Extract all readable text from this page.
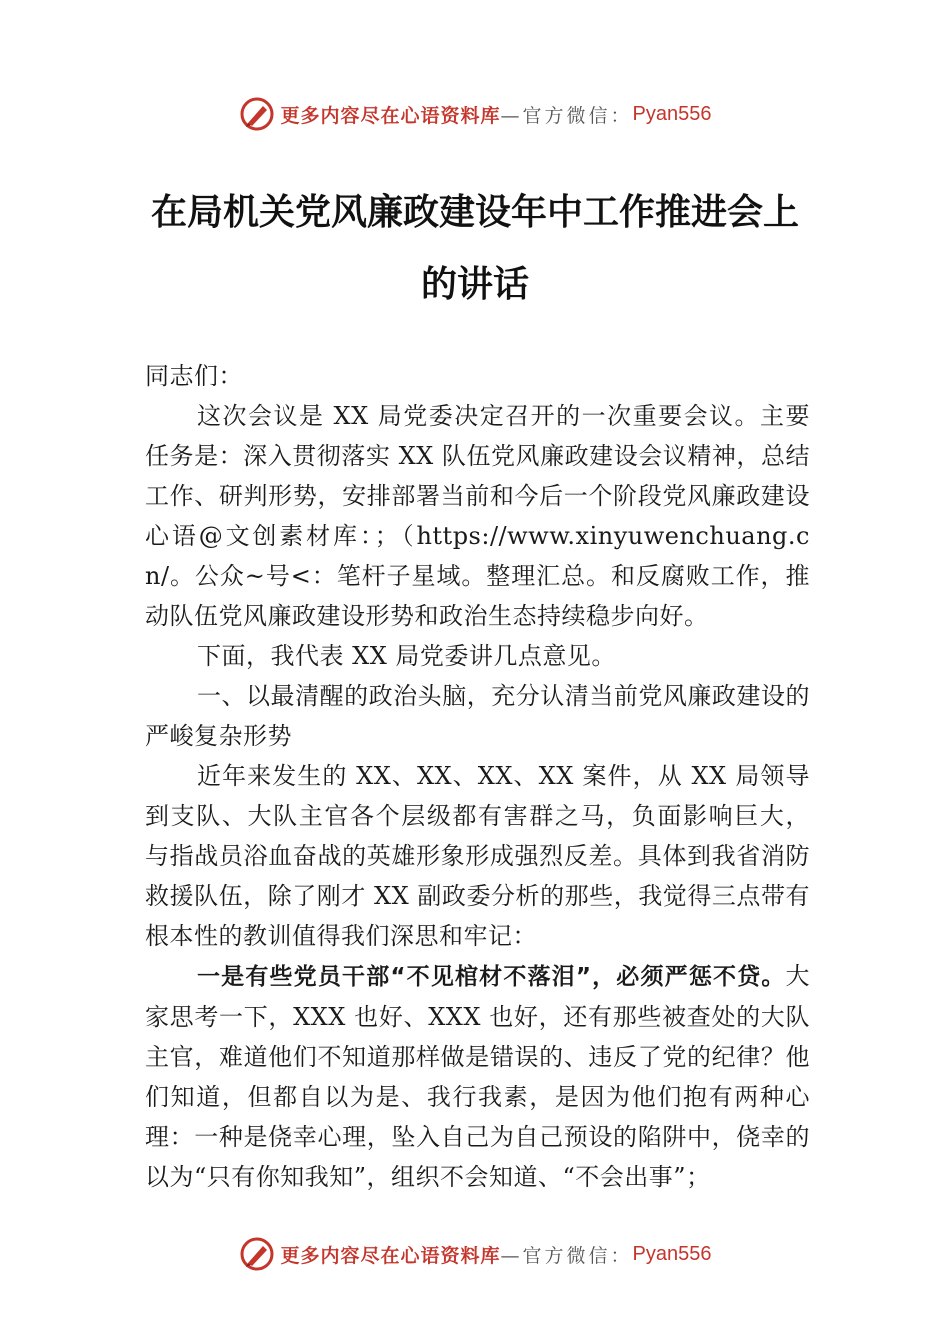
更多内容尽在心语资料库 —官方微信： Pyan556
在局机关党风廉政建设年中工作推进会上
的讲话

同志们：

这次会议是 XX 局党委决定召开的一次重要会议。主要任务是：深入贯彻落实 XX 队伍党风廉政建设会议精神，总结工作、研判形势，安排部署当前和今后一个阶段党风廉政建设心语@文创素材库：；（https://www.xinyuwenchuang.cn/。公众~号<：笔杆子星域。整理汇总。和反腐败工作，推动队伍党风廉政建设形势和政治生态持续稳步向好。

下面，我代表 XX 局党委讲几点意见。

一、以最清醒的政治头脑，充分认清当前党风廉政建设的严峻复杂形势

近年来发生的 XX、XX、XX、XX 案件，从 XX 局领导到支队、大队主官各个层级都有害群之马，负面影响巨大， 与指战员浴血奋战的英雄形象形成强烈反差。具体到我省消防救援队伍，除了刚才 XX 副政委分析的那些，我觉得三点带有根本性的教训值得我们深思和牢记：

一是有些党员干部“不见棺材不落泪”，必须严惩不贷。大家思考一下，XXX 也好、XXX 也好，还有那些被查处的大队主官，难道他们不知道那样做是错误的、违反了党的纪律？他们知道，但都自以为是、我行我素，是因为他们抱有两种心理：一种是侥幸心理，坠入自己为自己预设的陷阱中，侥幸的以为“只有你知我知”，组织不会知道、“不会出事”；

更多内容尽在心语资料库 —官方微信： Pyan556
